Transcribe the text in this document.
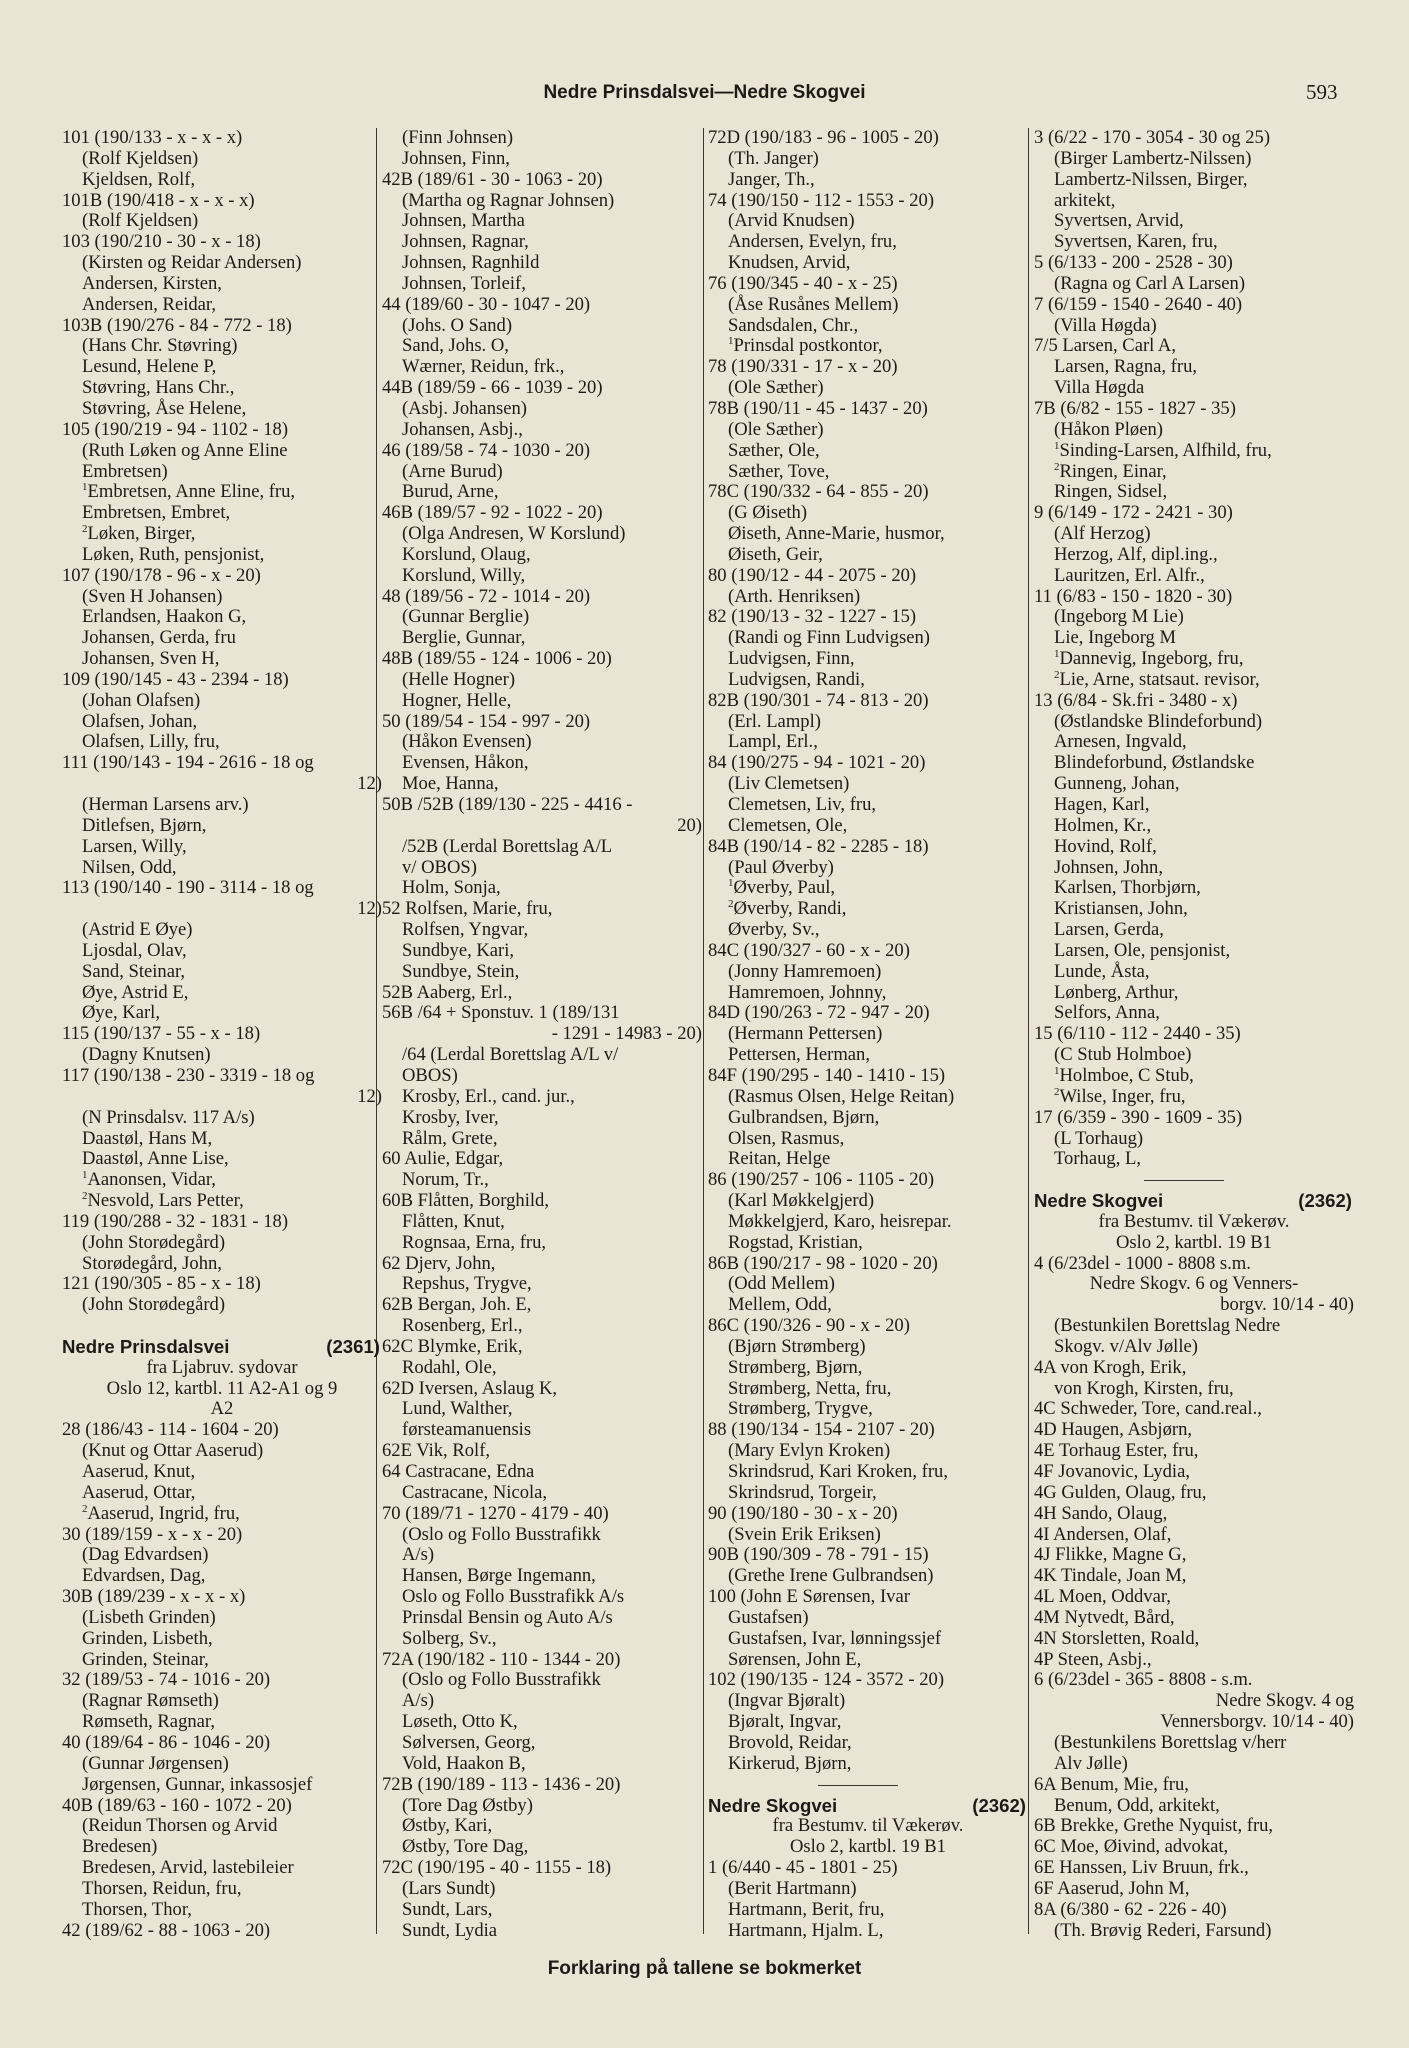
Nedre Prinsdalsvei—Nedre Skogvei	593
101 (190/133 - x - x - x)
(Rolf Kjeldsen)
Kjeldsen, Rolf,
101B (190/418 - x - x - x)
(Rolf Kjeldsen)
103 (190/210 - 30 - x - 18)
(Kirsten og Reidar Andersen)
Andersen, Kirsten,
Andersen, Reidar,
103B (190/276 - 84 - 772 - 18)
(Hans Chr. Støvring)
Lesund, Helene P,
Støvring, Hans Chr.,
Støvring, Åse Helene,
105 (190/219 - 94 - 1102 - 18)
(Ruth Løken og Anne Eline
Embretsen)
$^1$Embretsen, Anne Eline, fru,
Embretsen, Embret,
$^2$Løken, Birger,
Løken, Ruth, pensjonist,
107 (190/178 - 96 - x - 20)
(Sven H Johansen)
Erlandsen, Haakon G,
Johansen, Gerda, fru
Johansen, Sven H,
109 (190/145 - 43 - 2394 - 18)
(Johan Olafsen)
Olafsen, Johan,
Olafsen, Lilly, fru,
111 (190/143 - 194 - 2616 - 18 og
12)
(Herman Larsens arv.)
Ditlefsen, Bjørn,
Larsen, Willy,
Nilsen, Odd,
113 (190/140 - 190 - 3114 - 18 og
12)
(Astrid E Øye)
Ljosdal, Olav,
Sand, Steinar,
Øye, Astrid E,
Øye, Karl,
115 (190/137 - 55 - x - 18)
(Dagny Knutsen)
117 (190/138 - 230 - 3319 - 18 og
12)
(N Prinsdalsv. 117 A/s)
Daastøl, Hans M,
Daastøl, Anne Lise,
$^1$Aanonsen, Vidar,
$^2$Nesvold, Lars Petter,
119 (190/288 - 32 - 1831 - 18)
(John Storødegård)
Storødegård, John,
121 (190/305 - 85 - x - 18)
(John Storødegård)
Nedre Prinsdalsvei	(2361)
fra Ljabruv. sydovar
Oslo 12, kartbl. 11 A2-A1 og 9
A2
28 (186/43 - 114 - 1604 - 20)
(Knut og Ottar Aaserud)
Aaserud, Knut,
Aaserud, Ottar,
$^2$Aaserud, Ingrid, fru,
30 (189/159 - x - x - 20)
(Dag Edvardsen)
Edvardsen, Dag,
30B (189/239 - x - x - x)
(Lisbeth Grinden)
Grinden, Lisbeth,
Grinden, Steinar,
32 (189/53 - 74 - 1016 - 20)
(Ragnar Rømseth)
Rømseth, Ragnar,
40 (189/64 - 86 - 1046 - 20)
(Gunnar Jørgensen)
Jørgensen, Gunnar, inkassosjef
40B (189/63 - 160 - 1072 - 20)
(Reidun Thorsen og Arvid
Bredesen)
Bredesen, Arvid, lastebileier
Thorsen, Reidun, fru,
Thorsen, Thor,
42 (189/62 - 88 - 1063 - 20)
(Finn Johnsen)
Johnsen, Finn,
42B (189/61 - 30 - 1063 - 20)
(Martha og Ragnar Johnsen)
Johnsen, Martha
Johnsen, Ragnar,
Johnsen, Ragnhild
Johnsen, Torleif,
44 (189/60 - 30 - 1047 - 20)
(Johs. O Sand)
Sand, Johs. O,
Wærner, Reidun, frk.,
44B (189/59 - 66 - 1039 - 20)
(Asbj. Johansen)
Johansen, Asbj.,
46 (189/58 - 74 - 1030 - 20)
(Arne Burud)
Burud, Arne,
46B (189/57 - 92 - 1022 - 20)
(Olga Andresen, W Korslund)
Korslund, Olaug,
Korslund, Willy,
48 (189/56 - 72 - 1014 - 20)
(Gunnar Berglie)
Berglie, Gunnar,
48B (189/55 - 124 - 1006 - 20)
(Helle Hogner)
Hogner, Helle,
50 (189/54 - 154 - 997 - 20)
(Håkon Evensen)
Evensen, Håkon,
Moe, Hanna,
50B /52B (189/130 - 225 - 4416 -
20)
/52B (Lerdal Borettslag A/L
v/ OBOS)
Holm, Sonja,
52 Rolfsen, Marie, fru,
Rolfsen, Yngvar,
Sundbye, Kari,
Sundbye, Stein,
52B Aaberg, Erl.,
56B /64 + Sponstuv. 1 (189/131
- 1291 - 14983 - 20)
/64 (Lerdal Borettslag A/L v/
OBOS)
Krosby, Erl., cand. jur.,
Krosby, Iver,
Rålm, Grete,
60 Aulie, Edgar,
Norum, Tr.,
60B Flåtten, Borghild,
Flåtten, Knut,
Rognsaa, Erna, fru,
62 Djerv, John,
Repshus, Trygve,
62B Bergan, Joh. E,
Rosenberg, Erl.,
62C Blymke, Erik,
Rodahl, Ole,
62D Iversen, Aslaug K,
Lund, Walther,
førsteamanuensis
62E Vik, Rolf,
64 Castracane, Edna
Castracane, Nicola,
70 (189/71 - 1270 - 4179 - 40)
(Oslo og Follo Busstrafikk
A/s)
Hansen, Børge Ingemann,
Oslo og Follo Busstrafikk A/s
Prinsdal Bensin og Auto A/s
Solberg, Sv.,
72A (190/182 - 110 - 1344 - 20)
(Oslo og Follo Busstrafikk
A/s)
Løseth, Otto K,
Sølversen, Georg,
Vold, Haakon B,
72B (190/189 - 113 - 1436 - 20)
(Tore Dag Østby)
Østby, Kari,
Østby, Tore Dag,
72C (190/195 - 40 - 1155 - 18)
(Lars Sundt)
Sundt, Lars,
Sundt, Lydia
72D (190/183 - 96 - 1005 - 20)
(Th. Janger)
Janger, Th.,
74 (190/150 - 112 - 1553 - 20)
(Arvid Knudsen)
Andersen, Evelyn, fru,
Knudsen, Arvid,
76 (190/345 - 40 - x - 25)
(Åse Rusånes Mellem)
Sandsdalen, Chr.,
$^1$Prinsdal postkontor,
78 (190/331 - 17 - x - 20)
(Ole Sæther)
78B (190/11 - 45 - 1437 - 20)
(Ole Sæther)
Sæther, Ole,
Sæther, Tove,
78C (190/332 - 64 - 855 - 20)
(G Øiseth)
Øiseth, Anne-Marie, husmor,
Øiseth, Geir,
80 (190/12 - 44 - 2075 - 20)
(Arth. Henriksen)
82 (190/13 - 32 - 1227 - 15)
(Randi og Finn Ludvigsen)
Ludvigsen, Finn,
Ludvigsen, Randi,
82B (190/301 - 74 - 813 - 20)
(Erl. Lampl)
Lampl, Erl.,
84 (190/275 - 94 - 1021 - 20)
(Liv Clemetsen)
Clemetsen, Liv, fru,
Clemetsen, Ole,
84B (190/14 - 82 - 2285 - 18)
(Paul Øverby)
$^1$Øverby, Paul,
$^2$Øverby, Randi,
Øverby, Sv.,
84C (190/327 - 60 - x - 20)
(Jonny Hamremoen)
Hamremoen, Johnny,
84D (190/263 - 72 - 947 - 20)
(Hermann Pettersen)
Pettersen, Herman,
84F (190/295 - 140 - 1410 - 15)
(Rasmus Olsen, Helge Reitan)
Gulbrandsen, Bjørn,
Olsen, Rasmus,
Reitan, Helge
86 (190/257 - 106 - 1105 - 20)
(Karl Møkkelgjerd)
Møkkelgjerd, Karo, heisrepar.
Rogstad, Kristian,
86B (190/217 - 98 - 1020 - 20)
(Odd Mellem)
Mellem, Odd,
86C (190/326 - 90 - x - 20)
(Bjørn Strømberg)
Strømberg, Bjørn,
Strømberg, Netta, fru,
Strømberg, Trygve,
88 (190/134 - 154 - 2107 - 20)
(Mary Evlyn Kroken)
Skrindsrud, Kari Kroken, fru,
Skrindsrud, Torgeir,
90 (190/180 - 30 - x - 20)
(Svein Erik Eriksen)
90B (190/309 - 78 - 791 - 15)
(Grethe Irene Gulbrandsen)
100 (John E Sørensen, Ivar
Gustafsen)
Gustafsen, Ivar, lønningssjef
Sørensen, John E,
102 (190/135 - 124 - 3572 - 20)
(Ingvar Bjøralt)
Bjøralt, Ingvar,
Brovold, Reidar,
Kirkerud, Bjørn,
Nedre Skogvei	(2362)
fra Bestumv. til Vækerøv.
Oslo 2, kartbl. 19 B1
1 (6/440 - 45 - 1801 - 25)
(Berit Hartmann)
Hartmann, Berit, fru,
Hartmann, Hjalm. L,
3 (6/22 - 170 - 3054 - 30 og 25)
(Birger Lambertz-Nilssen)
Lambertz-Nilssen, Birger,
arkitekt,
Syvertsen, Arvid,
Syvertsen, Karen, fru,
5 (6/133 - 200 - 2528 - 30)
(Ragna og Carl A Larsen)
7 (6/159 - 1540 - 2640 - 40)
(Villa Høgda)
7/5 Larsen, Carl A,
Larsen, Ragna, fru,
Villa Høgda
7B (6/82 - 155 - 1827 - 35)
(Håkon Pløen)
$^1$Sinding-Larsen, Alfhild, fru,
$^2$Ringen, Einar,
Ringen, Sidsel,
9 (6/149 - 172 - 2421 - 30)
(Alf Herzog)
Herzog, Alf, dipl.ing.,
Lauritzen, Erl. Alfr.,
11 (6/83 - 150 - 1820 - 30)
(Ingeborg M Lie)
Lie, Ingeborg M
$^1$Dannevig, Ingeborg, fru,
$^2$Lie, Arne, statsaut. revisor,
13 (6/84 - Sk.fri - 3480 - x)
(Østlandske Blindeforbund)
Arnesen, Ingvald,
Blindeforbund, Østlandske
Gunneng, Johan,
Hagen, Karl,
Holmen, Kr.,
Hovind, Rolf,
Johnsen, John,
Karlsen, Thorbjørn,
Kristiansen, John,
Larsen, Gerda,
Larsen, Ole, pensjonist,
Lunde, Åsta,
Lønberg, Arthur,
Selfors, Anna,
15 (6/110 - 112 - 2440 - 35)
(C Stub Holmboe)
$^1$Holmboe, C Stub,
$^2$Wilse, Inger, fru,
17 (6/359 - 390 - 1609 - 35)
(L Torhaug)
Torhaug, L,
Nedre Skogvei	(2362)
fra Bestumv. til Vækerøv.
Oslo 2, kartbl. 19 B1
4 (6/23del - 1000 - 8808 s.m.
Nedre Skogv. 6 og Venners-
borgv. 10/14 - 40)
(Bestunkilen Borettslag Nedre
Skogv. v/Alv Jølle)
4A von Krogh, Erik,
von Krogh, Kirsten, fru,
4C Schweder, Tore, cand.real.,
4D Haugen, Asbjørn,
4E Torhaug Ester, fru,
4F Jovanovic, Lydia,
4G Gulden, Olaug, fru,
4H Sando, Olaug,
4I Andersen, Olaf,
4J Flikke, Magne G,
4K Tindale, Joan M,
4L Moen, Oddvar,
4M Nytvedt, Bård,
4N Storsletten, Roald,
4P Steen, Asbj.,
6 (6/23del - 365 - 8808 - s.m.
Nedre Skogv. 4 og
Vennersborgv. 10/14 - 40)
(Bestunkilens Borettslag v/herr
Alv Jølle)
6A Benum, Mie, fru,
Benum, Odd, arkitekt,
6B Brekke, Grethe Nyquist, fru,
6C Moe, Øivind, advokat,
6E Hanssen, Liv Bruun, frk.,
6F Aaserud, John M,
8A (6/380 - 62 - 226 - 40)
(Th. Brøvig Rederi, Farsund)
Forklaring på tallene se bokmerket
